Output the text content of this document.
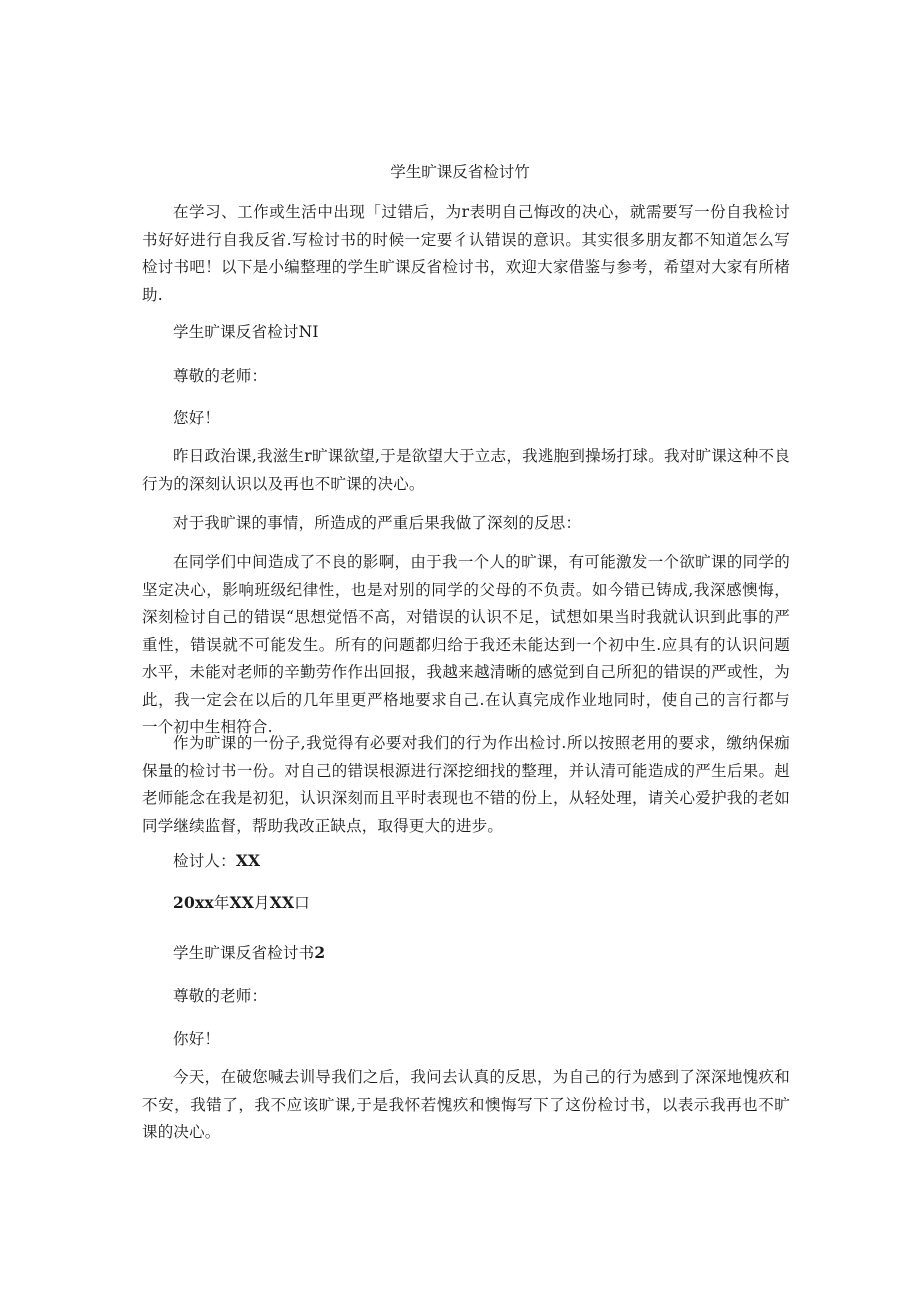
学生旷课反省检讨竹

在学习、工作或生活中出现「过错后，为r表明自己悔改的决心，就需要写一份自我检讨书好好进行自我反省.写检讨书的时候一定要彳认错误的意识。其实很多朋友都不知道怎么写检讨书吧！以下是小编整理的学生旷课反省检讨书，欢迎大家借鉴与参考，希望对大家有所楮助.

学生旷课反省检讨NI

尊敬的老师：

您好！

昨日政治课,我滋生r旷课欲望,于是欲望大于立志，我逃胞到操场打球。我对旷课这种不良行为的深刻认识以及再也不旷课的决心。

对于我旷课的事情，所造成的严重后果我做了深刻的反思：

在同学们中间造成了不良的影啊，由于我一个人的旷课，有可能激发一个欲旷课的同学的坚定决心，影响班级纪律性，也是对别的同学的父母的不负责。如今错已铸成,我深感懊悔，深刻检讨自己的错误“思想觉悟不高，对错误的认识不足，试想如果当时我就认识到此事的严重性，错误就不可能发生。所有的问题都归给于我还未能达到一个初中生.应具有的认识问题水平，未能对老师的辛勤劳作作出回报，我越来越清晰的感觉到自己所犯的错误的严或性，为此，我一定会在以后的几年里更严格地要求自己.在认真完成作业地同时，使自己的言行都与一个初中生相符合.

作为旷课的一份子,我觉得有必要对我们的行为作出检讨.所以按照老用的要求，缴纳保痂保量的检讨书一份。对自己的错误根源进行深挖细找的整理，并认清可能造成的严生后果。赳老师能念在我是初犯，认识深刻而且平时表现也不错的份上，从轻处理，请关心爱护我的老如同学继续监督，帮助我改正缺点，取得更大的进步。

检讨人：XX

20xx年XX月XX口

学生旷课反省检讨书2

尊敬的老师：

你好！

今天，在破您喊去训导我们之后，我问去认真的反思，为自己的行为感到了深深地愧疚和不安，我错了，我不应该旷课,于是我怀若愧疚和懊悔写下了这份检讨书，以表示我再也不旷课的决心。
